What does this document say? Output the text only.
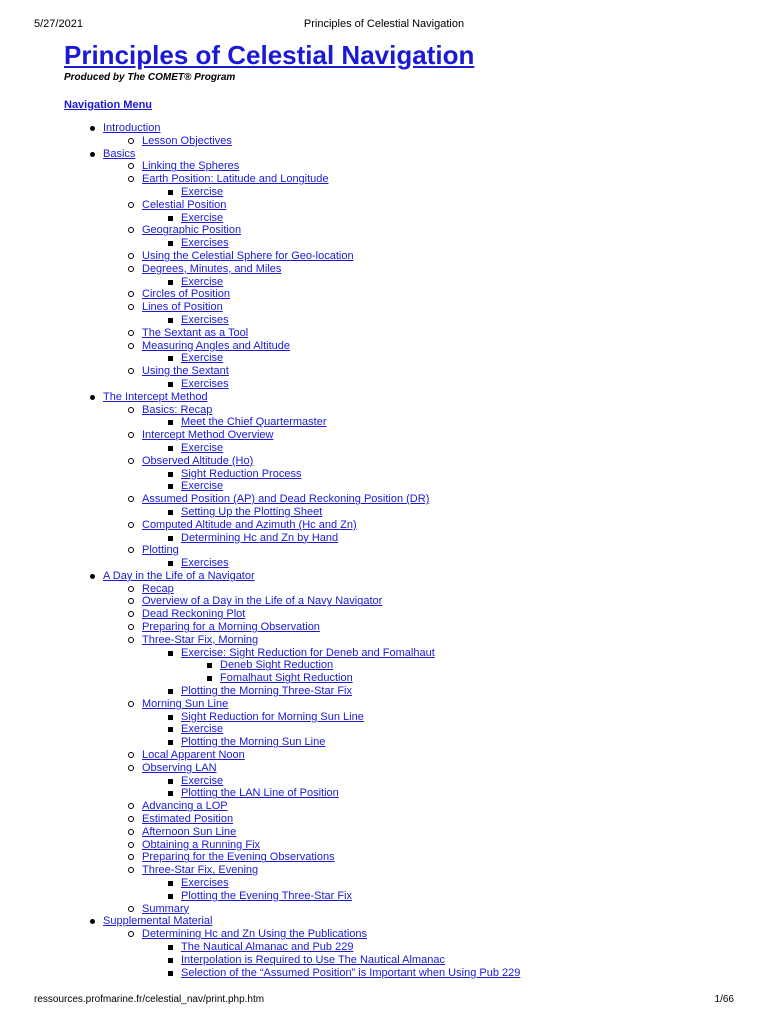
5/27/2021	Principles of Celestial Navigation
Principles of Celestial Navigation

Produced by The COMET® Program

Navigation Menu
Introduction
Lesson Objectives
Basics
Linking the Spheres
Earth Position: Latitude and Longitude
Exercise
Celestial Position
Exercise
Geographic Position
Exercises
Using the Celestial Sphere for Geo-location
Degrees, Minutes, and Miles
Exercise
Circles of Position
Lines of Position
Exercises
The Sextant as a Tool
Measuring Angles and Altitude
Exercise
Using the Sextant
Exercises
The Intercept Method
Basics: Recap
Meet the Chief Quartermaster
Intercept Method Overview
Exercise
Observed Altitude (Ho)
Sight Reduction Process
Exercise
Assumed Position (AP) and Dead Reckoning Position (DR)
Setting Up the Plotting Sheet
Computed Altitude and Azimuth (Hc and Zn)
Determining Hc and Zn by Hand
Plotting
Exercises
A Day in the Life of a Navigator
Recap
Overview of a Day in the Life of a Navy Navigator
Dead Reckoning Plot
Preparing for a Morning Observation
Three-Star Fix, Morning
Exercise: Sight Reduction for Deneb and Fomalhaut
Deneb Sight Reduction
Fomalhaut Sight Reduction
Plotting the Morning Three-Star Fix
Morning Sun Line
Sight Reduction for Morning Sun Line
Exercise
Plotting the Morning Sun Line
Local Apparent Noon
Observing LAN
Exercise
Plotting the LAN Line of Position
Advancing a LOP
Estimated Position
Afternoon Sun Line
Obtaining a Running Fix
Preparing for the Evening Observations
Three-Star Fix, Evening
Exercises
Plotting the Evening Three-Star Fix
Summary
Supplemental Material
Determining Hc and Zn Using the Publications
The Nautical Almanac and Pub 229
Interpolation is Required to Use The Nautical Almanac
Selection of the “Assumed Position” is Important when Using Pub 229
ressources.profmarine.fr/celestial_nav/print.php.htm	1/66
